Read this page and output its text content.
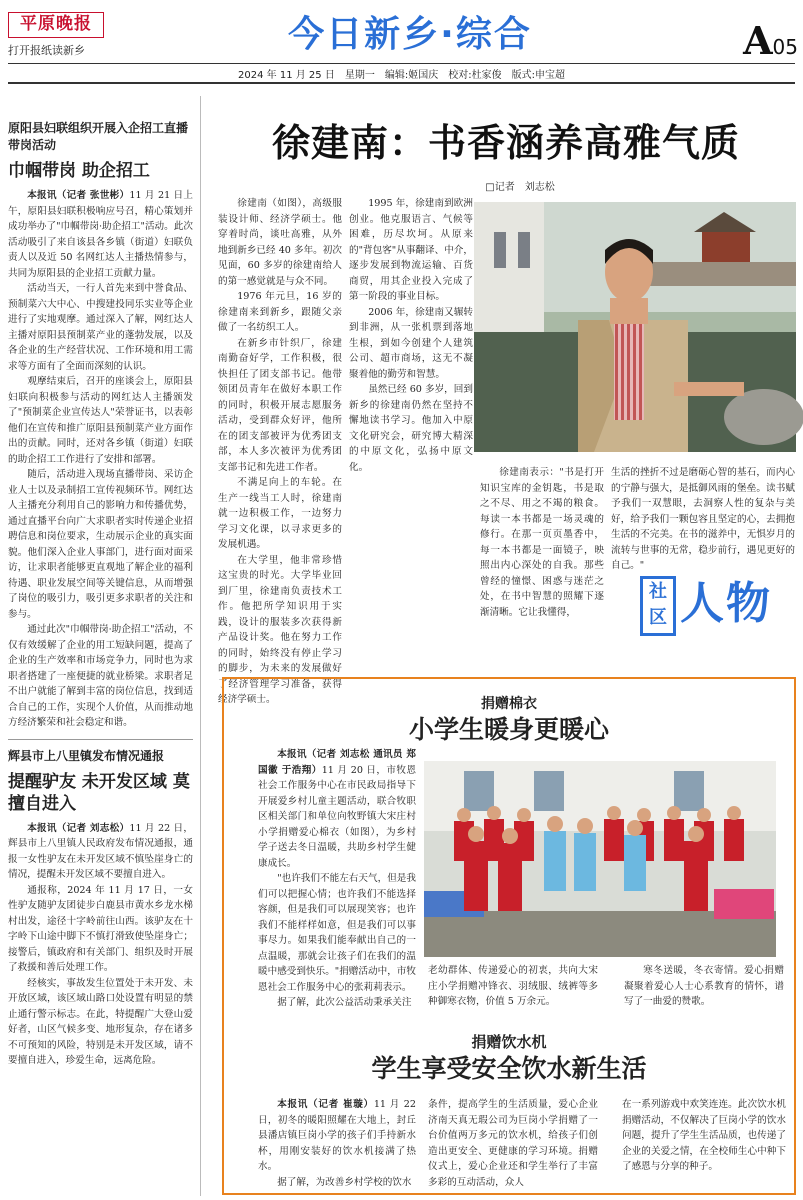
平原晚报
打开报纸读新乡	今日新乡·综合	A05
2024 年 11 月 25 日　星期一　编辑:姬国庆　校对:杜家俊　版式:申宝超
原阳县妇联组织开展入企招工直播带岗活动
巾帼带岗 助企招工

本报讯（记者 张世彬）11 月 21 日上午，原阳县妇联积极响应号召，精心策划并成功举办了"巾帼带岗·助企招工"活动。此次活动吸引了来自该县各乡镇（街道）妇联负责人以及近 50 名网红达人主播热情参与，共同为原阳县的企业招工贡献力量。

活动当天，一行人首先来到中誉食品、预制菜六大中心、中搜建投同乐实业等企业进行了实地观摩。通过深入了解，网红达人主播对原阳县预制菜产业的蓬勃发展，以及各企业的生产经营状况、工作环境和用工需求等方面有了全面而深刻的认识。

观摩结束后，召开的座谈会上，原阳县妇联向积极参与活动的网红达人主播颁发了"预制菜企业宣传达人"荣誉证书，以表彰他们在宣传和推广原阳县预制菜产业方面作出的贡献。同时，还对各乡镇（街道）妇联的助企招工工作进行了安排和部署。

随后，活动进入现场直播带岗、采访企业人士以及录制招工宣传视频环节。网红达人主播充分利用自己的影响力和传播优势，通过直播平台向广大求职者实时传递企业招聘信息和岗位要求，生动展示企业的真实面貌。他们深入企业人事部门，进行面对面采访，让求职者能够更直观地了解企业的福利待遇、职业发展空间等关键信息，从而增强了岗位的吸引力，吸引更多求职者的关注和参与。

通过此次"巾帼带岗·助企招工"活动，不仅有效缓解了企业的用工短缺问题，提高了企业的生产效率和市场竞争力，同时也为求职者搭建了一座便捷的就业桥梁。求职者足不出户就能了解到丰富的岗位信息，找到适合自己的工作，实现个人价值，从而推动地方经济繁荣和社会稳定和谐。

辉县市上八里镇发布情况通报
提醒驴友 未开发区域 莫擅自进入

本报讯（记者 刘志松）11 月 22 日，辉县市上八里镇人民政府发布情况通报，通报一女性驴友在未开发区域不慎坠崖身亡的情况，提醒未开发区域不要擅自进入。

通报称，2024 年 11 月 17 日，一女性驴友随驴友团徒步白鹿县市黄水乡龙水梯村出发，途径十字岭前往山西。该驴友在十字岭下山途中脚下不慎打滑致使坠崖身亡；接警后，镇政府和有关部门、组织及时开展了救援和善后处理工作。

经核实，事故发生位置处于未开发、未开放区域，该区域山路口处设置有明显的禁止通行警示标志。在此，特提醒广大登山爱好者，山区气候多变、地形复杂，存在诸多不可预知的风险，特别是未开发区域，请不要擅自进入，珍爱生命，远离危险。

徐建南：书香涵养高雅气质
□记者　刘志松

徐建南（如图），高级服装设计师、经济学硕士。他穿着时尚，谈吐高雅，从外地到新乡已经 40 多年。初次见面，60 多岁的徐建南给人的第一感觉就是与众不同。

1976 年元旦，16 岁的徐建南来到新乡，跟随父亲做了一名纺织工人。

在新乡市针织厂，徐建南勤奋好学，工作积极，很快担任了团支部书记。他带领团员青年在做好本职工作的同时，积极开展志愿服务活动，受到群众好评，他所在的团支部被评为优秀团支部，本人多次被评为优秀团支部书记和先进工作者。

不满足向上的车轮。在生产一线当工人时，徐建南就一边积极工作，一边努力学习文化课，以寻求更多的发展机遇。

在大学里，他非常珍惜这宝贵的时光。大学毕业回到厂里，徐建南负责技术工作。他把所学知识用于实践，设计的服装多次获得新产品设计奖。他在努力工作的同时，始终没有停止学习的脚步，为未来的发展做好了经济管理学习准备，获得经济学硕士。

1995 年，徐建南到欧洲创业。他克服语言、气候等困难，历尽坎坷。从原来的"背包客"从事翻译、中介，逐步发展到物流运输、百货商贸，用其企业投入完成了第一阶段的事业目标。

2006 年，徐建南又辗转到非洲，从一张机票到落地生根，到如今创建个人建筑公司、超市商场，这无不凝聚着他的勤劳和智慧。

虽然已经 60 多岁，回到新乡的徐建南仍然在坚持不懈地读书学习。他加入中原文化研究会，研究博大精深的中原文化，弘扬中原文化。	徐建南表示："书是打开知识宝库的金钥匙，书是取之不尽、用之不竭的粮食。每读一本书都是一场灵魂的修行。在那一页页墨香中，每一本书都是一面镜子，映照出内心深处的自我。那些曾经的憧憬、困惑与迷茫之处，在书中智慧的照耀下逐渐清晰。它让我懂得，

生活的挫折不过是磨砺心智的基石，而内心的宁静与强大，是抵御风雨的堡垒。读书赋予我们一双慧眼，去洞察人性的复杂与美好，给予我们一颗包容且坚定的心，去拥抱生活的不完美。在书的滋养中，无惧岁月的流转与世事的无常，稳步前行，遇见更好的自己。"

社区 人物
捐赠棉衣
小学生暖身更暖心

本报讯（记者 刘志松 通讯员 郑国徽 于浩翔）11 月 20 日，市牧恩社会工作服务中心在市民政局指导下开展爱乡村儿童主题活动，联合牧职区相关部门和单位向牧野镇大宋庄村小学捐赠爱心棉衣（如图），为乡村学子送去冬日温暖，共助乡村学生健康成长。

"也许我们不能左右天气，但是我们可以把握心情；也许我们不能选择容颜，但是我们可以展现笑容；也许我们不能样样如意，但是我们可以事事尽力。如果我们能奉献出自己的一点温暖，那就会让孩子们在我们的温暖中感受到快乐。"捐赠活动中，市牧恩社会工作服务中心的张莉莉表示。

据了解，此次公益活动秉承关注

老幼群体、传递爱心的初衷，共向大宋庄小学捐赠冲锋衣、羽绒服、绒裤等多种御寒衣物，价值 5 万余元。

寒冬送暖，冬衣寄情。爱心捐赠凝聚着爱心人士心系教育的情怀，谱写了一曲爱的赞歌。

捐赠饮水机
学生享受安全饮水新生活

本报讯（记者 崔璇）11 月 22 日，初冬的暖阳照耀在大地上，封丘县潘店镇巨岗小学的孩子们手持新水杯，用刚安装好的饮水机接满了热水。

据了解，为改善乡村学校的饮水

条件，提高学生的生活质量，爱心企业济南天真无瑕公司为巨岗小学捐赠了一台价值两万多元的饮水机，给孩子们创造出更安全、更健康的学习环境。捐赠仪式上，爱心企业还和学生举行了丰富多彩的互动活动，众人

在一系列游戏中欢笑连连。此次饮水机捐赠活动，不仅解决了巨岗小学的饮水问题，提升了学生生活品质，也传递了企业的关爱之情，在全校师生心中种下了感恩与分享的种子。
